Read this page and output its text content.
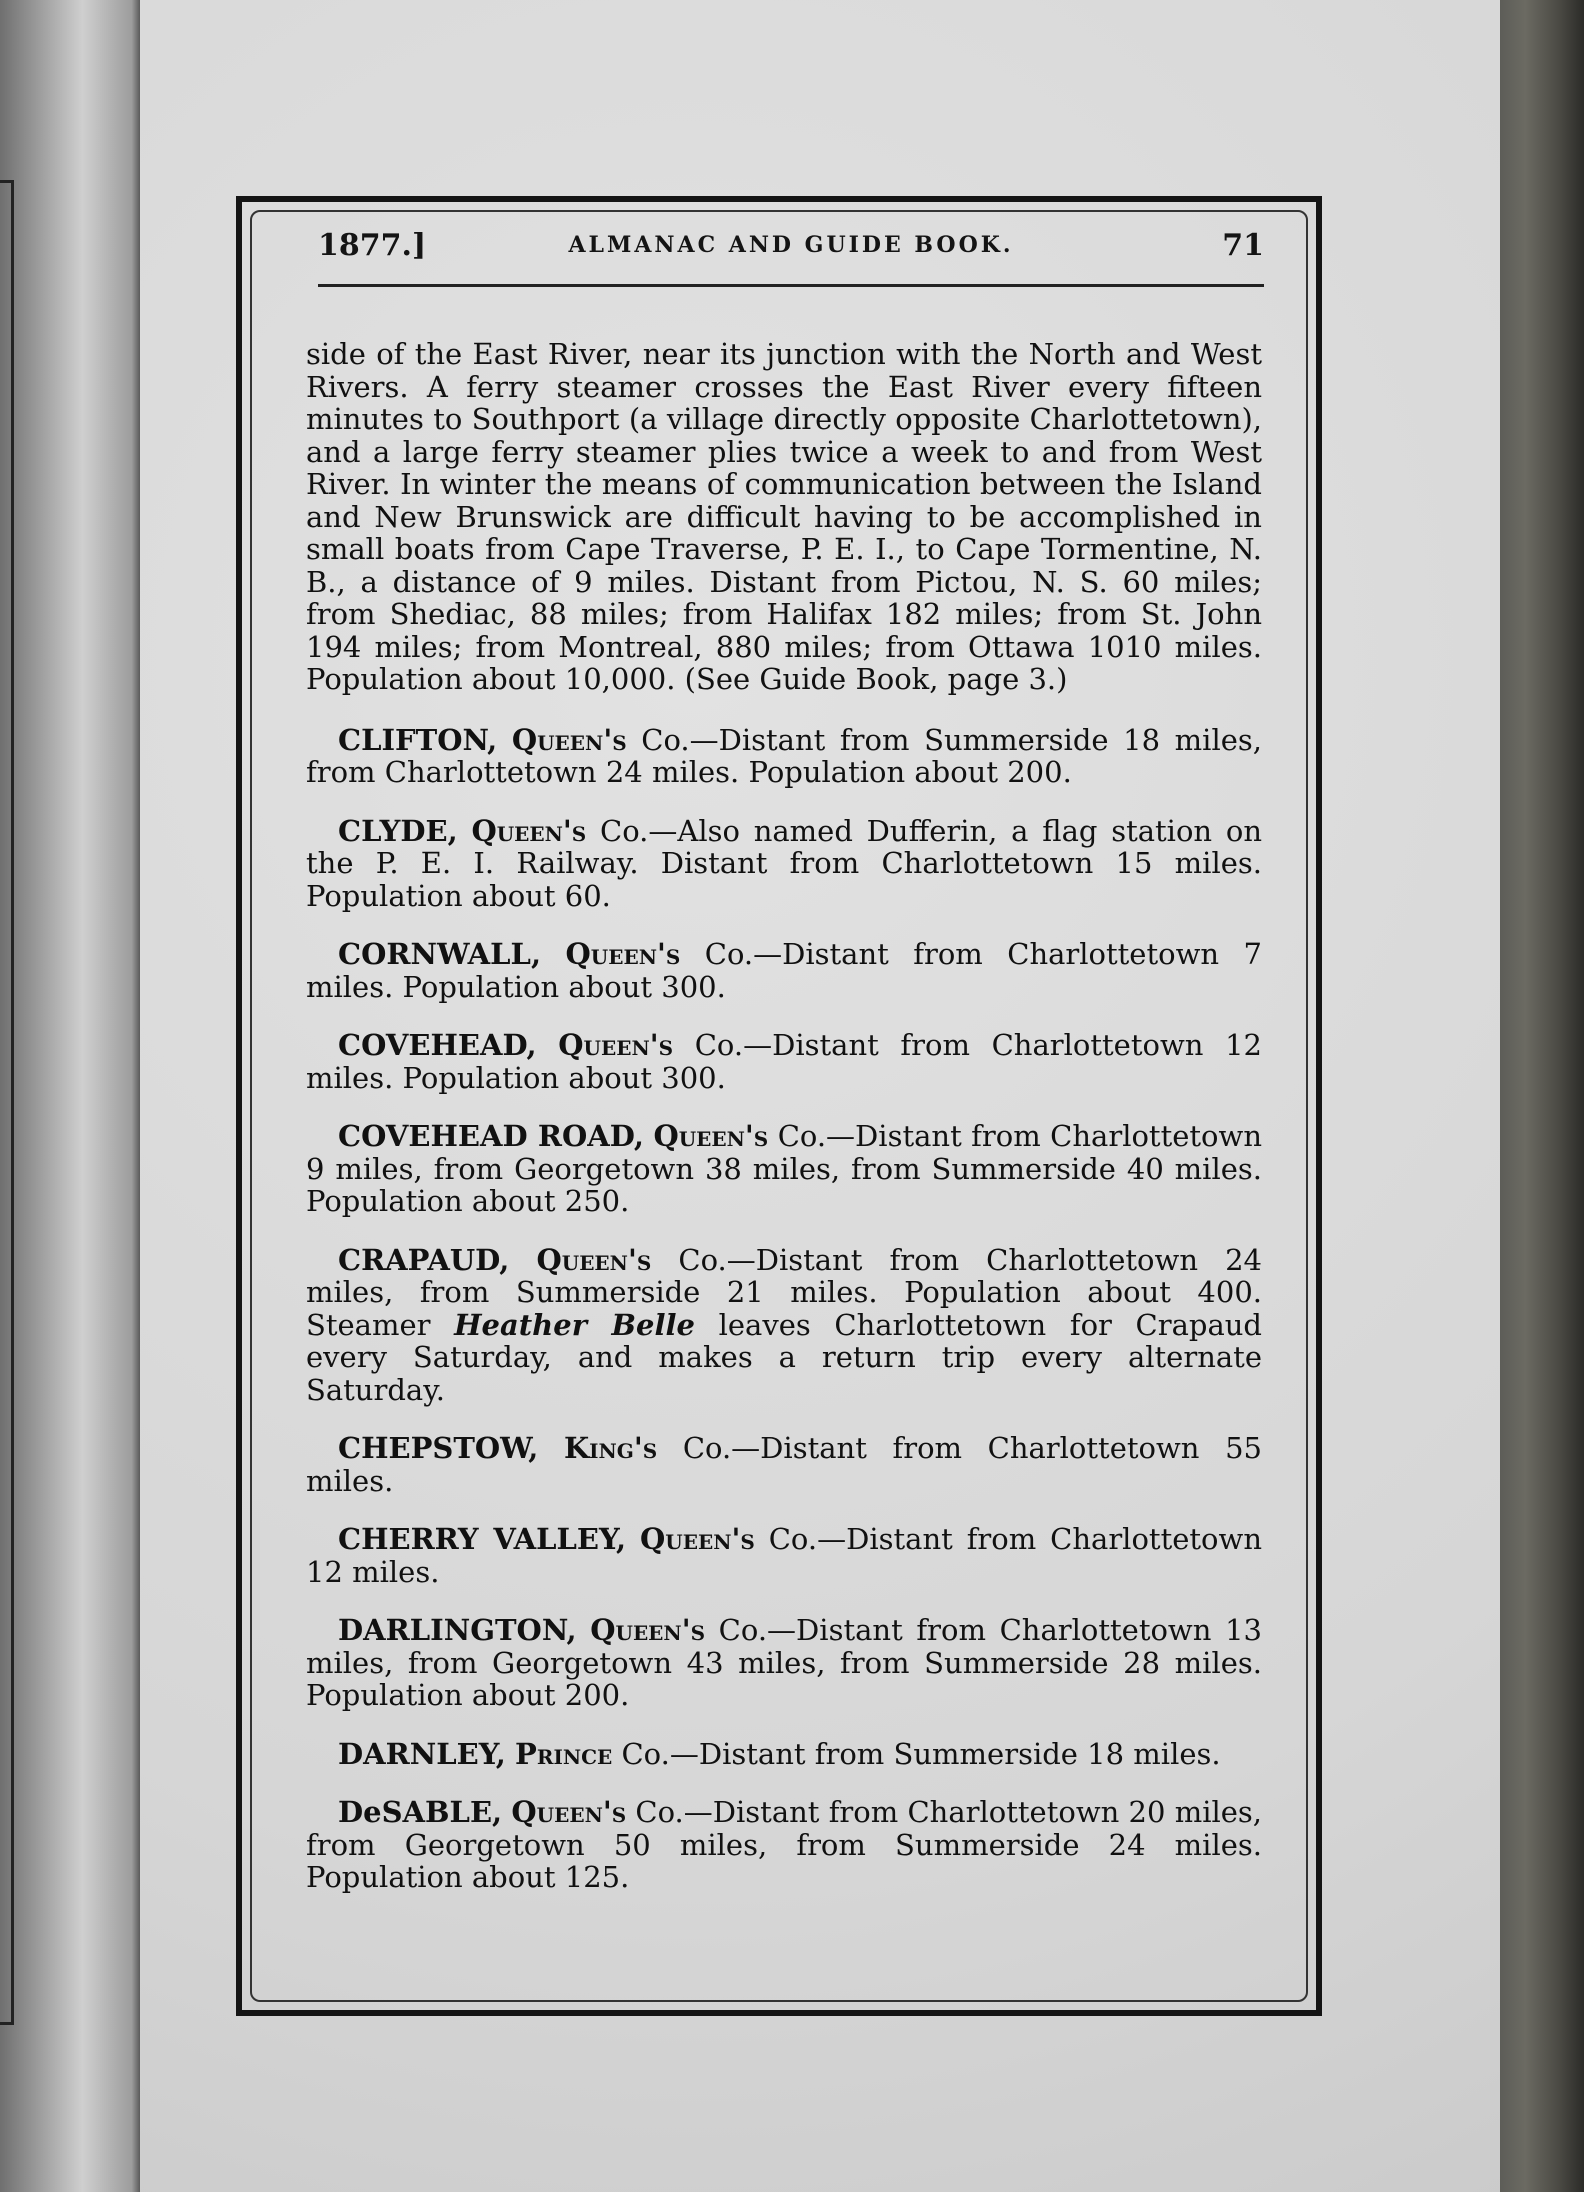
1877.]	ALMANAC AND GUIDE BOOK.	71

side of the East River, near its junction with the North and West Rivers. A ferry steamer crosses the East River every fifteen minutes to Southport (a village directly opposite Charlottetown), and a large ferry steamer plies twice a week to and from West River. In winter the means of communication between the Island and New Brunswick are difficult having to be accomplished in small boats from Cape Traverse, P. E. I., to Cape Tormentine, N. B., a distance of 9 miles. Distant from Pictou, N. S. 60 miles; from Shediac, 88 miles; from Halifax 182 miles; from St. John 194 miles; from Montreal, 880 miles; from Ottawa 1010 miles. Population about 10,000. (See Guide Book, page 3.)

CLIFTON, Queen's Co.—Distant from Summerside 18 miles, from Charlottetown 24 miles. Population about 200.

CLYDE, Queen's Co.—Also named Dufferin, a flag station on the P. E. I. Railway. Distant from Charlottetown 15 miles. Population about 60.

CORNWALL, Queen's Co.—Distant from Charlottetown 7 miles. Population about 300.

COVEHEAD, Queen's Co.—Distant from Charlottetown 12 miles. Population about 300.

COVEHEAD ROAD, Queen's Co.—Distant from Charlottetown 9 miles, from Georgetown 38 miles, from Summerside 40 miles. Population about 250.

CRAPAUD, Queen's Co.—Distant from Charlottetown 24 miles, from Summerside 21 miles. Population about 400. Steamer Heather Belle leaves Charlottetown for Crapaud every Saturday, and makes a return trip every alternate Saturday.

CHEPSTOW, King's Co.—Distant from Charlottetown 55 miles.

CHERRY VALLEY, Queen's Co.—Distant from Charlottetown 12 miles.

DARLINGTON, Queen's Co.—Distant from Charlottetown 13 miles, from Georgetown 43 miles, from Summerside 28 miles. Population about 200.

DARNLEY, Prince Co.—Distant from Summerside 18 miles.

DeSABLE, Queen's Co.—Distant from Charlottetown 20 miles, from Georgetown 50 miles, from Summerside 24 miles. Population about 125.
